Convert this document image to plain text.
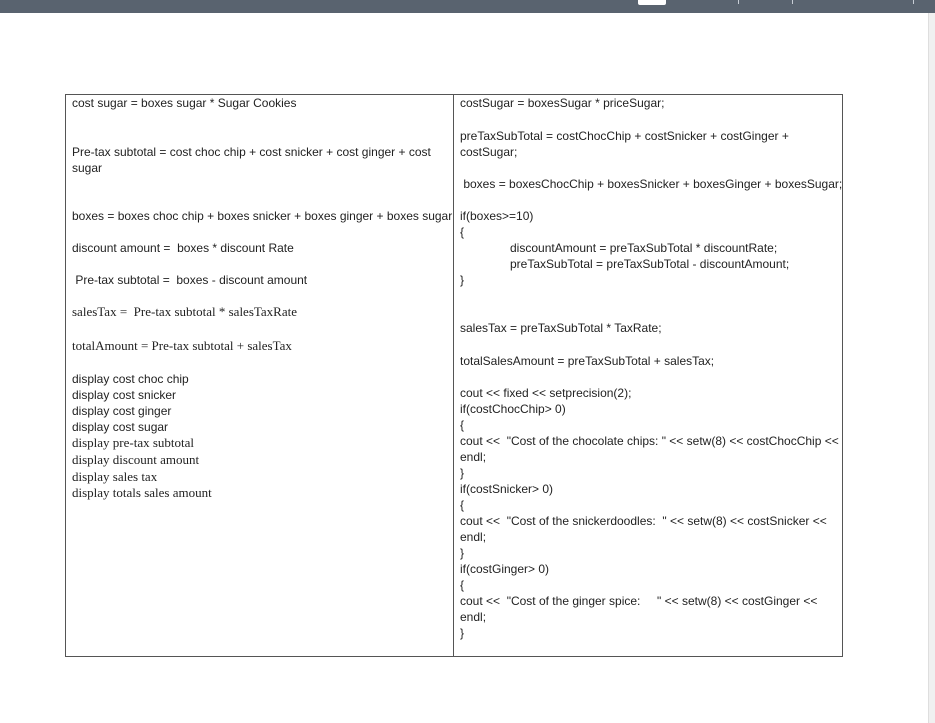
cost sugar = boxes sugar * Sugar Cookies
Pre-tax subtotal = cost choc chip + cost snicker + cost ginger + cost
sugar
boxes = boxes choc chip + boxes snicker + boxes ginger + boxes sugar
discount amount =  boxes * discount Rate
Pre-tax subtotal =  boxes - discount amount
salesTax =  Pre-tax subtotal * salesTaxRate
totalAmount = Pre-tax subtotal + salesTax
display cost choc chip
display cost snicker
display cost ginger
display cost sugar
display pre-tax subtotal
display discount amount
display sales tax
display totals sales amount

costSugar = boxesSugar * priceSugar;
preTaxSubTotal = costChocChip + costSnicker + costGinger +
costSugar;
boxes = boxesChocChip + boxesSnicker + boxesGinger + boxesSugar;
if(boxes>=10)
{
discountAmount = preTaxSubTotal * discountRate;
preTaxSubTotal = preTaxSubTotal - discountAmount;
}
salesTax = preTaxSubTotal * TaxRate;
totalSalesAmount = preTaxSubTotal + salesTax;
cout << fixed << setprecision(2);
if(costChocChip> 0)
{
cout <<  "Cost of the chocolate chips: " << setw(8) << costChocChip <<
endl;
}
if(costSnicker> 0)
{
cout <<  "Cost of the snickerdoodles:  " << setw(8) << costSnicker <<
endl;
}
if(costGinger> 0)
{
cout <<  "Cost of the ginger spice:     " << setw(8) << costGinger <<
endl;
}
